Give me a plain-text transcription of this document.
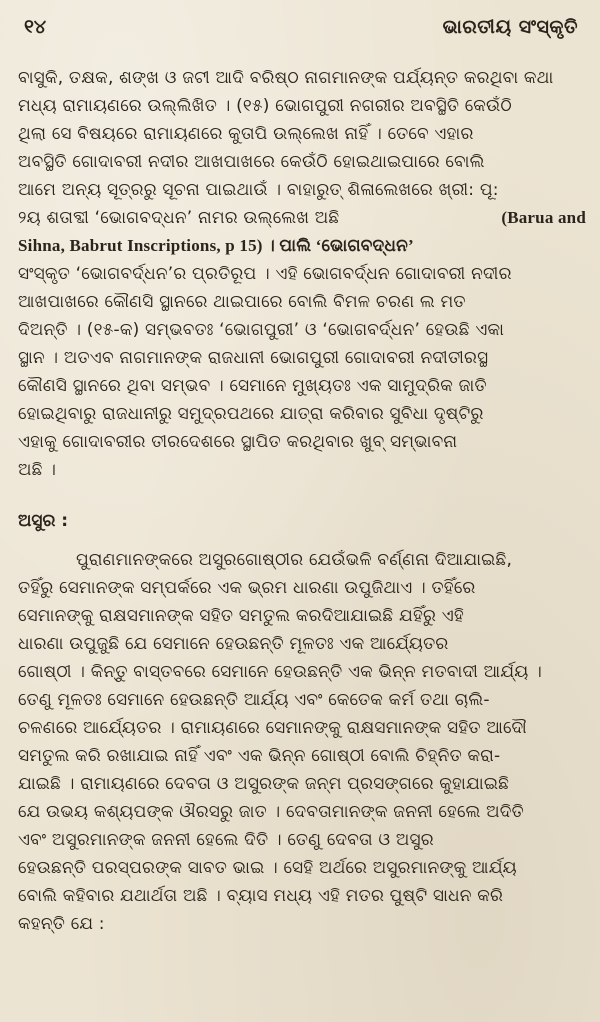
୧୪	ଭାରତୀୟ ସଂସ୍କୃତି
ବାସୁକି, ତକ୍ଷକ, ଶଙ୍ଖ ଓ ଜଟୀ ଆଦି ବରିଷ୍ଠ ନାଗମାନଙ୍କ ପର୍ଯ୍ୟନ୍ତ କରଥିବା କଥା
ମଧ୍ୟ ରାମାୟଣରେ ଉଲ୍ଲିଖିତ । (୧୫) ଭୋଗପୁରୀ ନଗରୀର ଅବସ୍ଥିତି କେଉଁଠି
ଥିଲା ସେ ବିଷୟରେ ରାମାୟଣରେ କୁତାପି ଉଲ୍ଲେଖ ନାହିଁ । ତେବେ ଏହାର
ଅବସ୍ଥିତି ଗୋଦାବରୀ ନଦୀର ଆଖପାଖରେ କେଉଁଠି ହୋଇଥାଇପାରେ ବୋଲି
ଆମେ ଅନ୍ୟ ସୂତ୍ରରୁ ସୂଚନା ପାଇଥାଉଁ । ବାହାରୁତ୍ ଶିଳାଲେଖରେ ଖ୍ରୀ: ପୂ:
୨ୟ ଶତାବ୍ଦୀ ‘ଭୋଗବଦ୍ଧନ’ ନାମର ଉଲ୍ଲେଖ ଅଛି	(Barua and
Sihna, Babrut Inscriptions, p 15) । ପାଲି ‘ଭୋଗବଦ୍ଧନ’
ସଂସ୍କୃତ ‘ଭୋଗବର୍ଦ୍ଧନ’ର ପ୍ରତିରୂପ । ଏହି ଭୋଗବର୍ଦ୍ଧନ ଗୋଦାବରୀ ନଦୀର
ଆଖପାଖରେ କୌଣସି ସ୍ଥାନରେ ଥାଇପାରେ ବୋଲି ବିମଳ ଚରଣ ଲ ମତ
ଦିଅନ୍ତି । (୧୫-କ) ସମ୍ଭବତଃ ‘ଭୋଗପୁରୀ’ ଓ ‘ଭୋଗବର୍ଦ୍ଧନ’ ହେଉଛି ଏକା
ସ୍ଥାନ । ଅତଏବ ନାଗମାନଙ୍କ ରାଜଧାନୀ ଭୋଗପୁରୀ ଗୋଦାବରୀ ନଦୀତୀରସ୍ଥ
କୌଣସି ସ୍ଥାନରେ ଥିବା ସମ୍ଭବ । ସେମାନେ ମୁଖ୍ୟତଃ ଏକ ସାମୁଦ୍ରିକ ଜାତି
ହୋଇଥିବାରୁ ରାଜଧାନୀରୁ ସମୁଦ୍ରପଥରେ ଯାତ୍ରା କରିବାର ସୁବିଧା ଦୃଷ୍ଟିରୁ
ଏହାକୁ ଗୋଦାବରୀର ତୀରଦେଶରେ ସ୍ଥାପିତ କରଥିବାର ଖୁବ୍ ସମ୍ଭାବନା
ଅଛି ।
ଅସୁର :
ପୁରାଣମାନଙ୍କରେ ଅସୁରଗୋଷ୍ଠୀର ଯେଉଁଭଳି ବର୍ଣ୍ଣନା ଦିଆଯାଇଛି,
ତହିଁରୁ ସେମାନଙ୍କ ସମ୍ପର୍କରେ ଏକ ଭ୍ରମ ଧାରଣା ଉପୁଜିଥାଏ । ତହିଁରେ
ସେମାନଙ୍କୁ ରାକ୍ଷସମାନଙ୍କ ସହିତ ସମତୁଲ କରଦିଆଯାଇଛି ଯହିଁରୁ ଏହି
ଧାରଣା ଉପୁଜୁଛି ଯେ ସେମାନେ ହେଉଛନ୍ତି ମୂଳତଃ ଏକ ଆର୍ଯ୍ୟେତର
ଗୋଷ୍ଠୀ । କିନ୍ତୁ ବାସ୍ତବରେ ସେମାନେ ହେଉଛନ୍ତି ଏକ ଭିନ୍ନ ମତବାଦୀ ଆର୍ଯ୍ୟ ।
ତେଣୁ ମୂଳତଃ ସେମାନେ ହେଉଛନ୍ତି ଆର୍ଯ୍ୟ ଏବଂ କେତେକ କର୍ମ ତଥା ଚାଲି-
ଚଳଣରେ ଆର୍ଯ୍ୟେତର । ରାମାୟଣରେ ସେମାନଙ୍କୁ ରାକ୍ଷସମାନଙ୍କ ସହିତ ଆଦୌ
ସମତୁଲ କରି ରଖାଯାଇ ନାହିଁ ଏବଂ ଏକ ଭିନ୍ନ ଗୋଷ୍ଠୀ ବୋଲି ଚିହ୍ନିତ କରା-
ଯାଇଛି । ରାମାୟଣରେ ଦେବତା ଓ ଅସୁରଙ୍କ ଜନ୍ମ ପ୍ରସଙ୍ଗରେ କୁହାଯାଇଛି
ଯେ ଉଭୟ କଶ୍ୟପଙ୍କ ଔରସରୁ ଜାତ । ଦେବତାମାନଙ୍କ ଜନନୀ ହେଲେ ଅଦିତି
ଏବଂ ଅସୁରମାନଙ୍କ ଜନନୀ ହେଲେ ଦିତି । ତେଣୁ ଦେବତା ଓ ଅସୁର
ହେଉଛନ୍ତି ପରସ୍ପରଙ୍କ ସାବତ ଭାଇ । ସେହି ଅର୍ଥରେ ଅସୁରମାନଙ୍କୁ ଆର୍ଯ୍ୟ
ବୋଲି କହିବାର ଯଥାର୍ଥତା ଅଛି । ବ୍ୟାସ ମଧ୍ୟ ଏହି ମତର ପୁଷ୍ଟି ସାଧନ କରି
କହନ୍ତି ଯେ :
